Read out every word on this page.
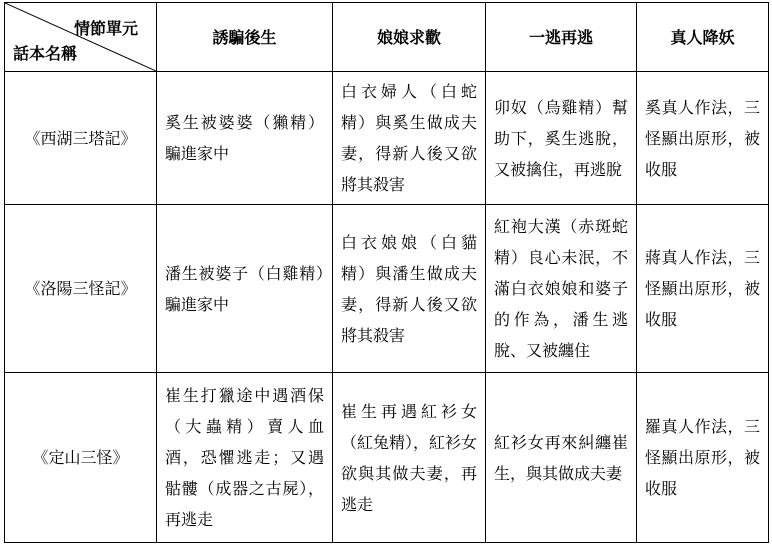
情節單元
話本名稱	誘騙後生	娘娘求歡	一逃再逃	真人降妖
《西湖三塔記》	奚生被婆婆（獺精）騙進家中	白衣婦人（白蛇精）與奚生做成夫妻，得新人後又欲將其殺害	卯奴（烏雞精）幫助下，奚生逃脫，又被擒住，再逃脫	奚真人作法，三怪顯出原形，被收服
《洛陽三怪記》	潘生被婆子（白雞精）騙進家中	白衣娘娘（白貓精）與潘生做成夫妻，得新人後又欲將其殺害	紅袍大漢（赤斑蛇精）良心未泯，不滿白衣娘娘和婆子的作為，潘生逃脫、又被纏住	蔣真人作法，三怪顯出原形，被收服
《定山三怪》	崔生打獵途中遇酒保（大蟲精）賣人血酒，恐懼逃走；又遇骷髏（成器之古屍），再逃走	崔生再遇紅衫女（紅兔精），紅衫女欲與其做夫妻，再逃走	紅衫女再來糾纏崔生，與其做成夫妻	羅真人作法，三怪顯出原形，被收服
